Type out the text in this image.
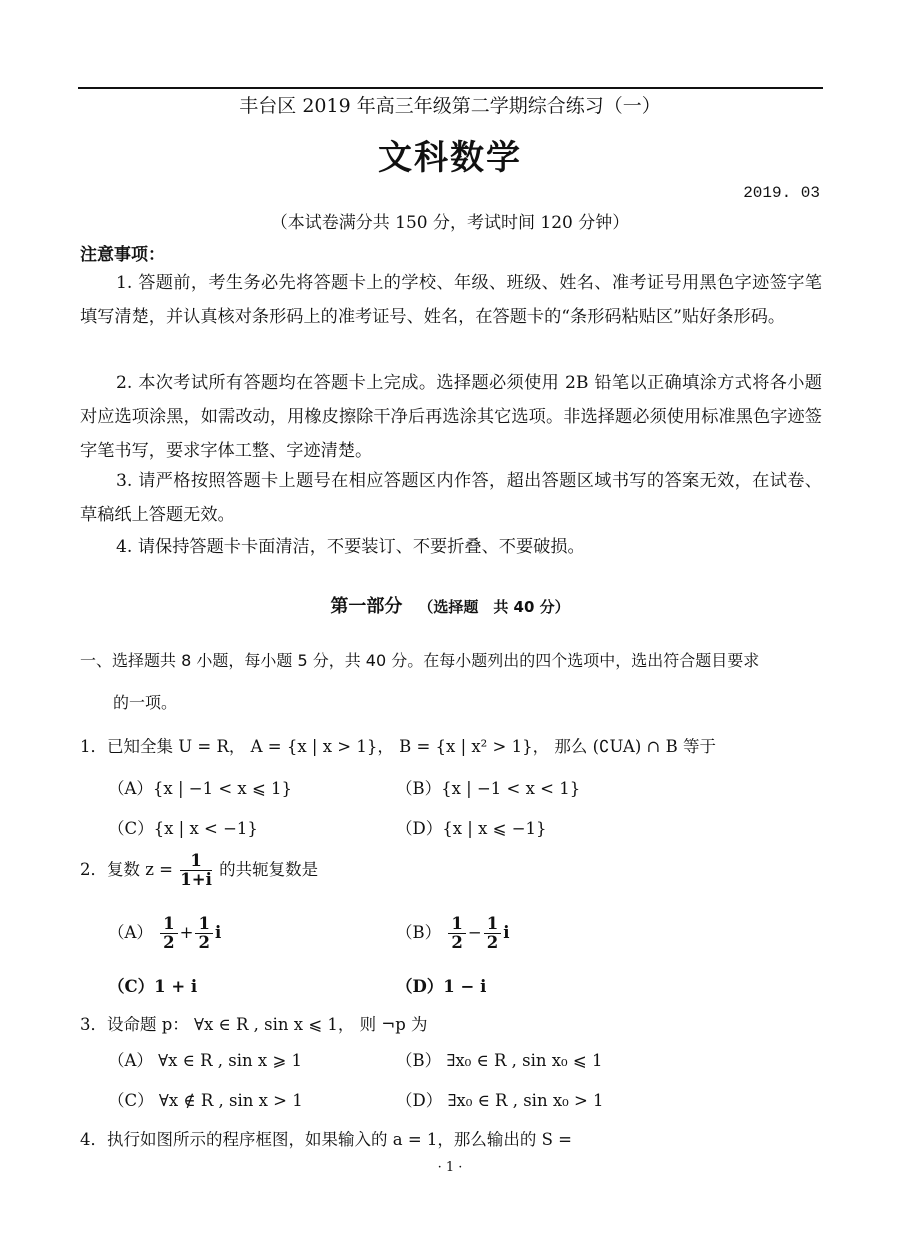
丰台区 2019 年高三年级第二学期综合练习（一）
文科数学
2019. 03
（本试卷满分共 150 分，考试时间 120 分钟）
注意事项：
1. 答题前，考生务必先将答题卡上的学校、年级、班级、姓名、准考证号用黑色字迹签字笔填写清楚，并认真核对条形码上的准考证号、姓名，在答题卡的“条形码粘贴区”贴好条形码。
2. 本次考试所有答题均在答题卡上完成。选择题必须使用 2B 铅笔以正确填涂方式将各小题对应选项涂黑，如需改动，用橡皮擦除干净后再选涂其它选项。非选择题必须使用标准黑色字迹签字笔书写，要求字体工整、字迹清楚。
3. 请严格按照答题卡上题号在相应答题区内作答，超出答题区域书写的答案无效，在试卷、草稿纸上答题无效。
4. 请保持答题卡卡面清洁，不要装订、不要折叠、不要破损。
第一部分 （选择题　共 40 分）
一、选择题共 8 小题，每小题 5 分，共 40 分。在每小题列出的四个选项中，选出符合题目要求
的一项。
1．已知全集 U = R， A = {x | x > 1}， B = {x | x² > 1}， 那么 (∁UA) ∩ B 等于
（A）{x | −1 < x ⩽ 1}	（B）{x | −1 < x < 1}
（C）{x | x < −1}	（D）{x | x ⩽ −1}
2．复数 $z = \frac{1}{1+i}$ 的共轭复数是
$(A) \frac{1}{2} + \frac{1}{2}$ i	$(B) \frac{1}{2} - \frac{1}{2}$ i
（C）1 + i	（D）1 − i
3．设命题 p： ∀x ∈ R , sin x ⩽ 1， 则 ¬p 为
（A） ∀x ∈ R , sin x ⩾ 1	（B） ∃x₀ ∈ R , sin x₀ ⩽ 1
（C） ∀x ∉ R , sin x > 1	（D） ∃x₀ ∈ R , sin x₀ > 1
4．执行如图所示的程序框图，如果输入的 a = 1，那么输出的 S =
· 1 ·
